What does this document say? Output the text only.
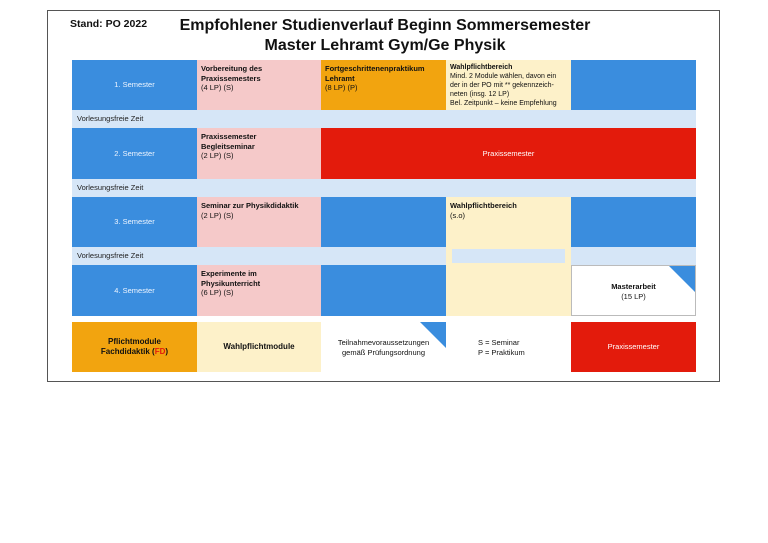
Stand: PO 2022 Empfohlener Studienverlauf Beginn Sommersemester
Master Lehramt Gym/Ge Physik
1. Semester
Vorbereitung des
Praxissemesters
(4 LP) (S)
Fortgeschrittenenpraktikum
Lehramt
(8 LP) (P)
Wahlpflichtbereich
Mind. 2 Module wählen, davon ein
der in der PO mit ** gekennzeich-
neten (insg. 12 LP)
Bel. Zeitpunkt – keine Empfehlung
Vorlesungsfreie Zeit
2. Semester
Praxissemester
Begleitseminar
(2 LP) (S)	Praxissemester
Vorlesungsfreie Zeit
3. Semester
Seminar zur Physikdidaktik
(2 LP) (S)
Wahlpflichtbereich
(s.o)
Vorlesungsfreie Zeit
4. Semester
Experimente im Physikunterricht
(6 LP) (S)
Masterarbeit
(15 LP)
Pflichtmodule
Fachdidaktik (FD)
Wahlpflichtmodule	Teilnahmevoraussetzungen
gemäß Prüfungsordnung
S = Seminar
P = Praktikum
Praxissemester
